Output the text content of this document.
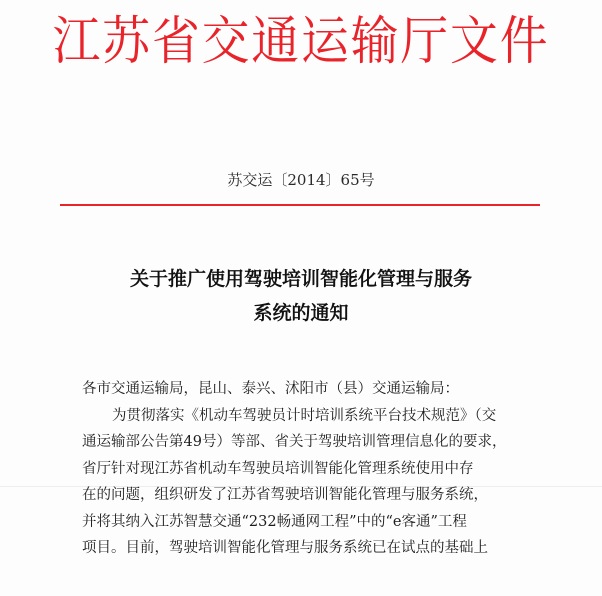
江苏省交通运输厅文件
苏交运〔2014〕65号
关于推广使用驾驶培训智能化管理与服务
系统的通知
各市交通运输局，昆山、泰兴、沭阳市（县）交通运输局：
为贯彻落实《机动车驾驶员计时培训系统平台技术规范》（交
通运输部公告第49号）等部、省关于驾驶培训管理信息化的要求，
省厅针对现江苏省机动车驾驶员培训智能化管理系统使用中存
在的问题，组织研发了江苏省驾驶培训智能化管理与服务系统，
并将其纳入江苏智慧交通“232畅通网工程”中的“e客通”工程
项目。目前，驾驶培训智能化管理与服务系统已在试点的基础上
